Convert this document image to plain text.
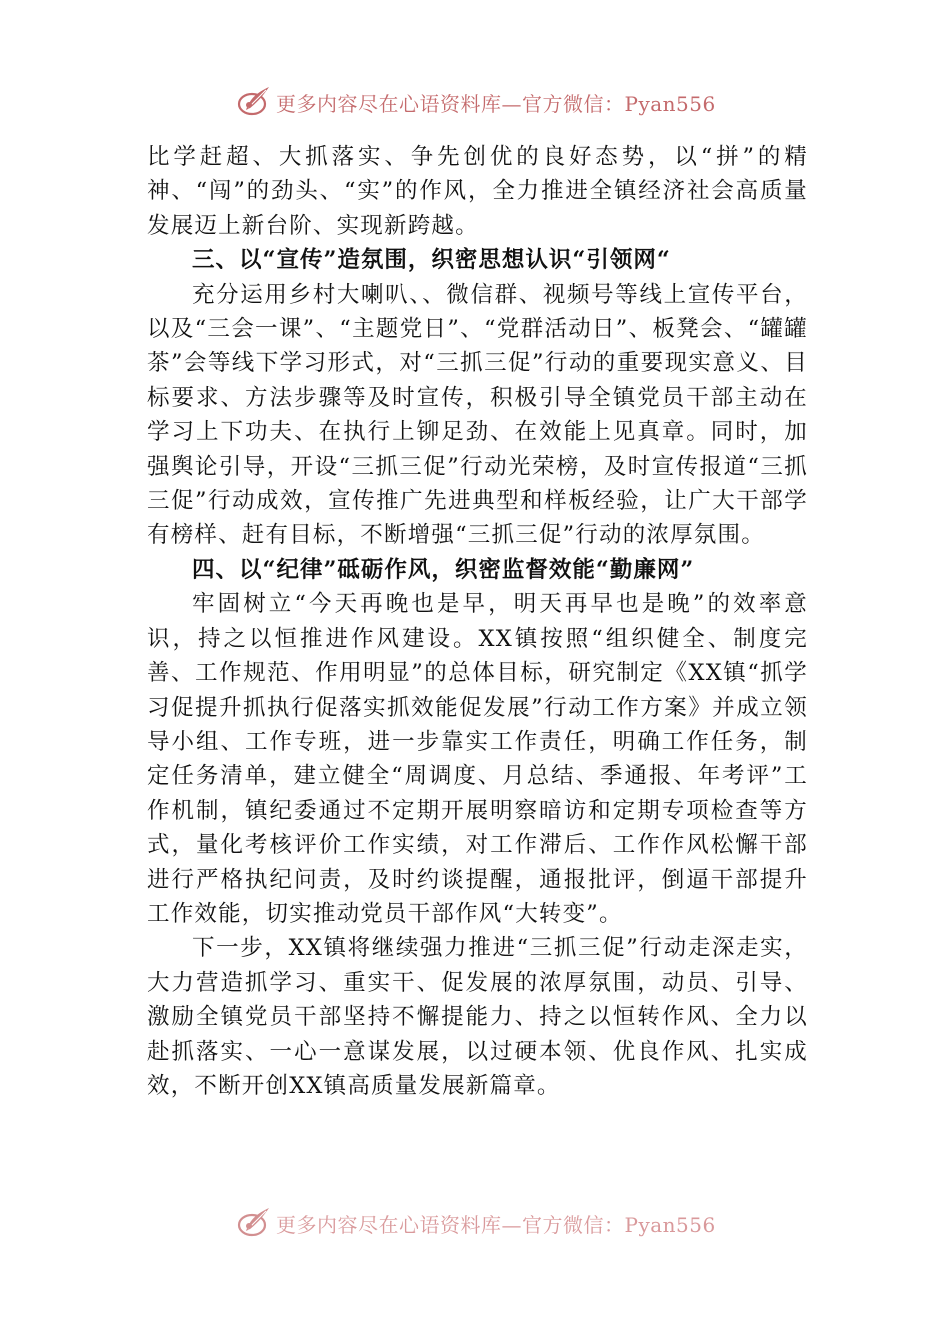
更多内容尽在心语资料库—官方微信：Pyan556

比学赶超、大抓落实、争先创优的良好态势，以“拼”的精神、“闯”的劲头、“实”的作风，全力推进全镇经济社会高质量发展迈上新台阶、实现新跨越。

三、以“宣传”造氛围，织密思想认识“引领网“

充分运用乡村大喇叭、、微信群、视频号等线上宣传平台，以及“三会一课”、“主题党日”、“党群活动日”、板凳会、“罐罐茶”会等线下学习形式，对“三抓三促”行动的重要现实意义、目标要求、方法步骤等及时宣传，积极引导全镇党员干部主动在学习上下功夫、在执行上铆足劲、在效能上见真章。同时，加强舆论引导，开设“三抓三促”行动光荣榜，及时宣传报道“三抓三促”行动成效，宣传推广先进典型和样板经验，让广大干部学有榜样、赶有目标，不断增强“三抓三促”行动的浓厚氛围。

四、以“纪律”砥砺作风，织密监督效能“勤廉网”

牢固树立“今天再晚也是早，明天再早也是晚”的效率意识，持之以恒推进作风建设。XX镇按照“组织健全、制度完善、工作规范、作用明显”的总体目标，研究制定《XX镇“抓学习促提升抓执行促落实抓效能促发展”行动工作方案》并成立领导小组、工作专班，进一步靠实工作责任，明确工作任务，制定任务清单，建立健全“周调度、月总结、季通报、年考评”工作机制，镇纪委通过不定期开展明察暗访和定期专项检查等方式，量化考核评价工作实绩，对工作滞后、工作作风松懈干部进行严格执纪问责，及时约谈提醒，通报批评，倒逼干部提升工作效能，切实推动党员干部作风“大转变”。

下一步，XX镇将继续强力推进“三抓三促”行动走深走实，大力营造抓学习、重实干、促发展的浓厚氛围，动员、引导、激励全镇党员干部坚持不懈提能力、持之以恒转作风、全力以赴抓落实、一心一意谋发展，以过硬本领、优良作风、扎实成效，不断开创XX镇高质量发展新篇章。

更多内容尽在心语资料库—官方微信：Pyan556
